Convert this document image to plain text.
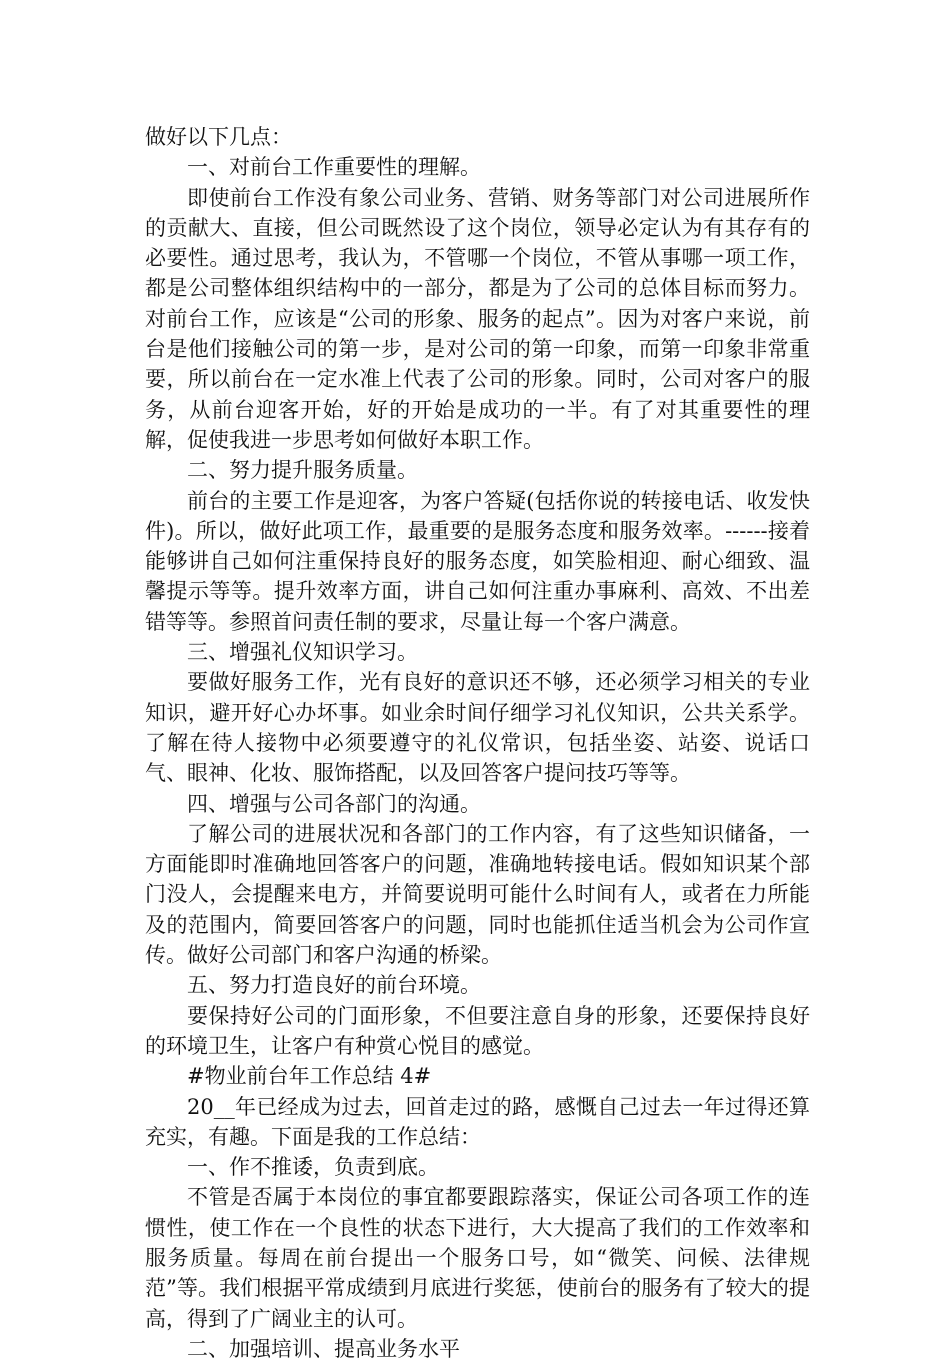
做好以下几点：

一、对前台工作重要性的理解。

即使前台工作没有象公司业务、营销、财务等部门对公司进展所作的贡献大、直接，但公司既然设了这个岗位，领导必定认为有其存有的必要性。通过思考，我认为，不管哪一个岗位，不管从事哪一项工作，都是公司整体组织结构中的一部分，都是为了公司的总体目标而努力。对前台工作，应该是“公司的形象、服务的起点”。因为对客户来说，前台是他们接触公司的第一步，是对公司的第一印象，而第一印象非常重要，所以前台在一定水准上代表了公司的形象。同时，公司对客户的服务，从前台迎客开始，好的开始是成功的一半。有了对其重要性的理解，促使我进一步思考如何做好本职工作。

二、努力提升服务质量。

前台的主要工作是迎客，为客户答疑(包括你说的转接电话、收发快件)。所以，做好此项工作，最重要的是服务态度和服务效率。------接着能够讲自己如何注重保持良好的服务态度，如笑脸相迎、耐心细致、温馨提示等等。提升效率方面，讲自己如何注重办事麻利、高效、不出差错等等。参照首问责任制的要求，尽量让每一个客户满意。

三、增强礼仪知识学习。

要做好服务工作，光有良好的意识还不够，还必须学习相关的专业知识，避开好心办坏事。如业余时间仔细学习礼仪知识，公共关系学。了解在待人接物中必须要遵守的礼仪常识，包括坐姿、站姿、说话口气、眼神、化妆、服饰搭配，以及回答客户提问技巧等等。

四、增强与公司各部门的沟通。

了解公司的进展状况和各部门的工作内容，有了这些知识储备，一方面能即时准确地回答客户的问题，准确地转接电话。假如知识某个部门没人，会提醒来电方，并简要说明可能什么时间有人，或者在力所能及的范围内，简要回答客户的问题，同时也能抓住适当机会为公司作宣传。做好公司部门和客户沟通的桥梁。

五、努力打造良好的前台环境。

要保持好公司的门面形象，不但要注意自身的形象，还要保持良好的环境卫生，让客户有种赏心悦目的感觉。

#物业前台年工作总结 4#

20__年已经成为过去，回首走过的路，感慨自己过去一年过得还算充实，有趣。下面是我的工作总结：

一、作不推诿，负责到底。

不管是否属于本岗位的事宜都要跟踪落实，保证公司各项工作的连惯性，使工作在一个良性的状态下进行，大大提高了我们的工作效率和服务质量。每周在前台提出一个服务口号，如“微笑、问候、法律规范”等。我们根据平常成绩到月底进行奖惩，使前台的服务有了较大的提高，得到了广阔业主的认可。

二、加强培训、提高业务水平
